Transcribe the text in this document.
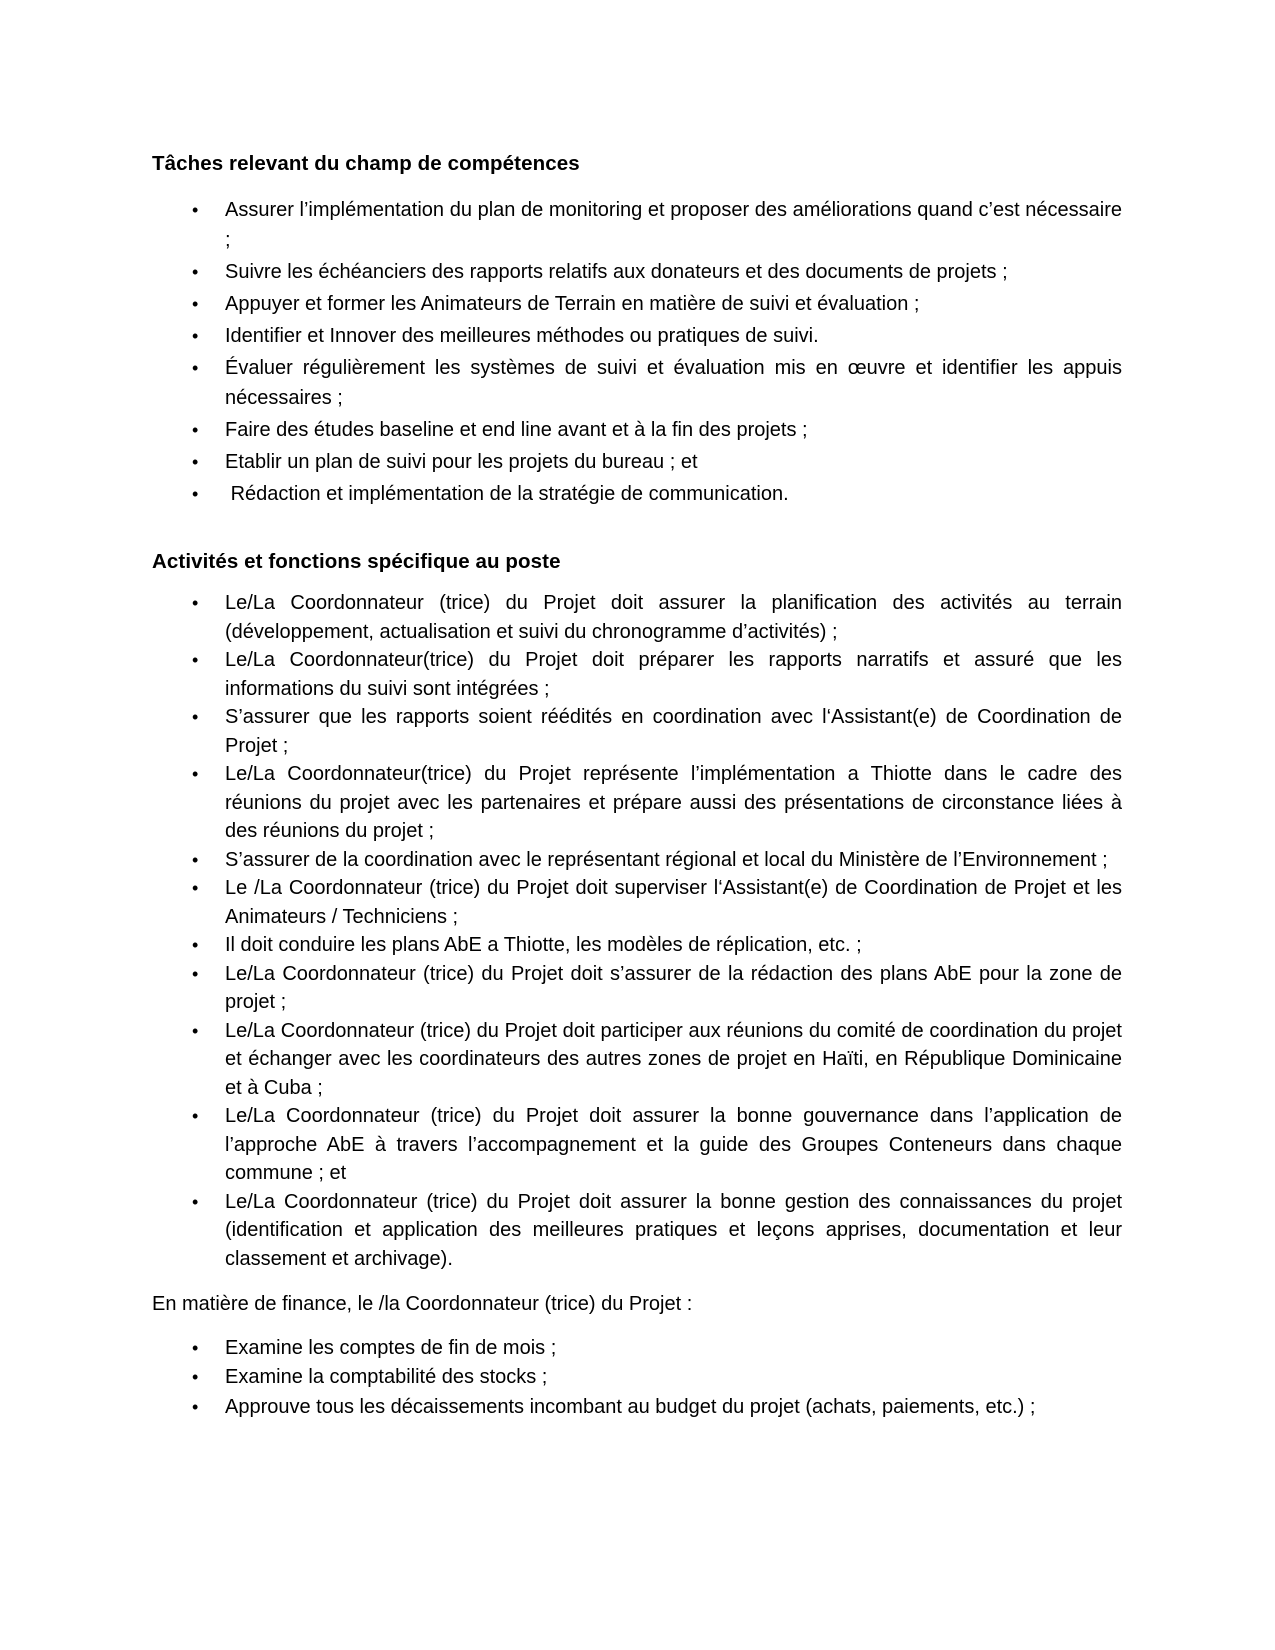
Tâches relevant du champ de compétences
• Assurer l’implémentation du plan de monitoring et proposer des améliorations quand c’est nécessaire ;
• Suivre les échéanciers des rapports relatifs aux donateurs et des documents de projets ;
• Appuyer et former les Animateurs de Terrain en matière de suivi et évaluation ;
• Identifier et Innover des meilleures méthodes ou pratiques de suivi.
• Évaluer régulièrement les systèmes de suivi et évaluation mis en œuvre et identifier les appuis nécessaires ;
• Faire des études baseline et end line avant et à la fin des projets ;
• Etablir un plan de suivi pour les projets du bureau ; et
• Rédaction et implémentation de la stratégie de communication.
Activités et fonctions spécifique au poste
• Le/La Coordonnateur (trice) du Projet doit assurer la planification des activités au terrain (développement, actualisation et suivi du chronogramme d’activités) ;
• Le/La Coordonnateur(trice) du Projet doit préparer les rapports narratifs et assuré que les informations du suivi sont intégrées ;
• S’assurer que les rapports soient réédités en coordination avec l‘Assistant(e) de Coordination de Projet ;
• Le/La Coordonnateur(trice) du Projet représente l’implémentation a Thiotte dans le cadre des réunions du projet avec les partenaires et prépare aussi des présentations de circonstance liées à des réunions du projet ;
• S’assurer de la coordination avec le représentant régional et local du Ministère de l’Environnement ;
• Le /La Coordonnateur (trice) du Projet doit superviser l‘Assistant(e) de Coordination de Projet et les Animateurs / Techniciens ;
• Il doit conduire les plans AbE a Thiotte, les modèles de réplication, etc. ;
• Le/La Coordonnateur (trice) du Projet doit s’assurer de la rédaction des plans AbE pour la zone de projet ;
• Le/La Coordonnateur (trice) du Projet doit participer aux réunions du comité de coordination du projet et échanger avec les coordinateurs des autres zones de projet en Haïti, en République Dominicaine et à Cuba ;
• Le/La Coordonnateur (trice) du Projet doit assurer la bonne gouvernance dans l’application de l’approche AbE à travers l’accompagnement et la guide des Groupes Conteneurs dans chaque commune ; et
• Le/La Coordonnateur (trice) du Projet doit assurer la bonne gestion des connaissances du projet (identification et application des meilleures pratiques et leçons apprises, documentation et leur classement et archivage).

En matière de finance, le /la Coordonnateur (trice) du Projet :

• Examine les comptes de fin de mois ;
• Examine la comptabilité des stocks ;
• Approuve tous les décaissements incombant au budget du projet (achats, paiements, etc.) ;
